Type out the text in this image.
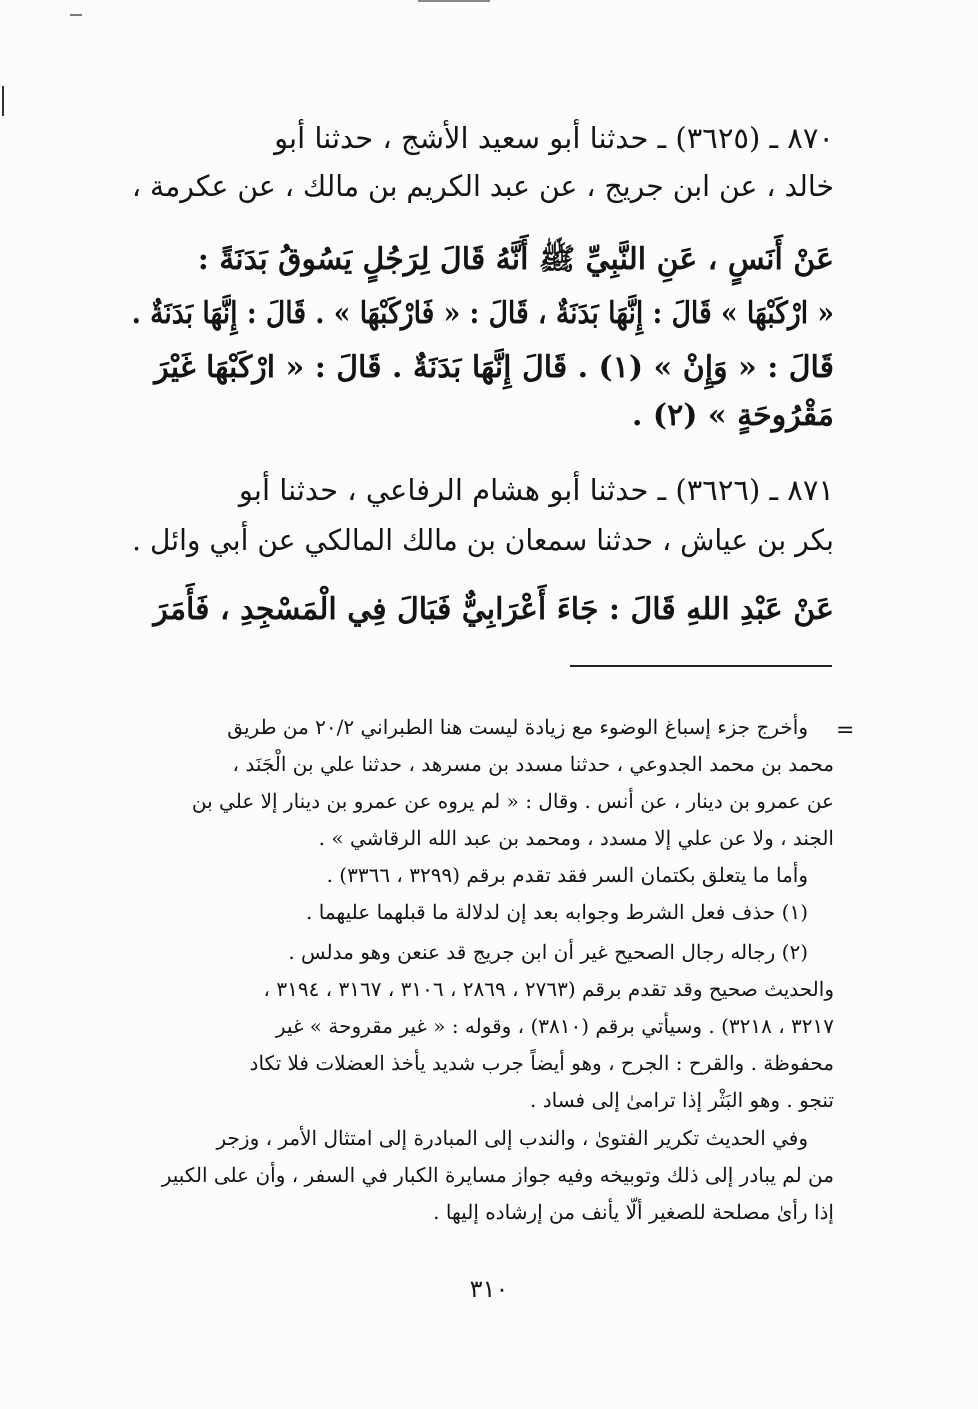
٨٧٠ ـ (٣٦٢٥) ـ حدثنا أبو سعيد الأشج ، حدثنا أبو
خالد ، عن ابن جريج ، عن عبد الكريم بن مالك ، عن عكرمة ،
عَنْ أَنَسٍ ، عَنِ النَّبِيِّ ﷺ أَنَّهُ قَالَ لِرَجُلٍ يَسُوقُ بَدَنَةً :
« ارْكَبْهَا » قَالَ : إِنَّهَا بَدَنَةٌ ، قَالَ : « فَارْكَبْهَا » . قَالَ : إِنَّهَا بَدَنَةٌ .
قَالَ : « وَإِنْ » (١) . قَالَ إِنَّهَا بَدَنَةٌ . قَالَ : « ارْكَبْهَا غَيْرَ
مَقْرُوحَةٍ » (٢) .
٨٧١ ـ (٣٦٢٦) ـ حدثنا أبو هشام الرفاعي ، حدثنا أبو
بكر بن عياش ، حدثنا سمعان بن مالك المالكي عن أبي وائل .
عَنْ عَبْدِ اللهِ قَالَ : جَاءَ أَعْرَابِيٌّ فَبَالَ فِي الْمَسْجِدِ ، فَأَمَرَ
=
وأخرج جزء إسباغ الوضوء مع زيادة ليست هنا الطبراني ٢٠/٢ من طريق
محمد بن محمد الجدوعي ، حدثنا مسدد بن مسرهد ، حدثنا علي بن الْجَنَد ،
عن عمرو بن دينار ، عن أنس . وقال : « لم يروه عن عمرو بن دينار إلا علي بن
الجند ، ولا عن علي إلا مسدد ، ومحمد بن عبد الله الرقاشي » .
وأما ما يتعلق بكتمان السر فقد تقدم برقم (٣٢٩٩ ، ٣٣٦٦) .
(١) حذف فعل الشرط وجوابه بعد إن لدلالة ما قبلهما عليهما .
(٢) رجاله رجال الصحيح غير أن ابن جريج قد عنعن وهو مدلس .
والحديث صحيح وقد تقدم برقم (٢٧٦٣ ، ٢٨٦٩ ، ٣١٠٦ ، ٣١٦٧ ، ٣١٩٤ ،
٣٢١٧ ، ٣٢١٨) . وسيأتي برقم (٣٨١٠) ، وقوله : « غير مقروحة » غير
محفوظة . والقرح : الجرح ، وهو أيضاً جرب شديد يأخذ العضلات فلا تكاد
تنجو . وهو البَثْر إذا ترامىٰ إلى فساد .
وفي الحديث تكرير الفتوىٰ ، والندب إلى المبادرة إلى امتثال الأمر ، وزجر
من لم يبادر إلى ذلك وتوبيخه وفيه جواز مسايرة الكبار في السفر ، وأن على الكبير
إذا رأىٰ مصلحة للصغير ألّا يأنف من إرشاده إليها .
٣١٠
